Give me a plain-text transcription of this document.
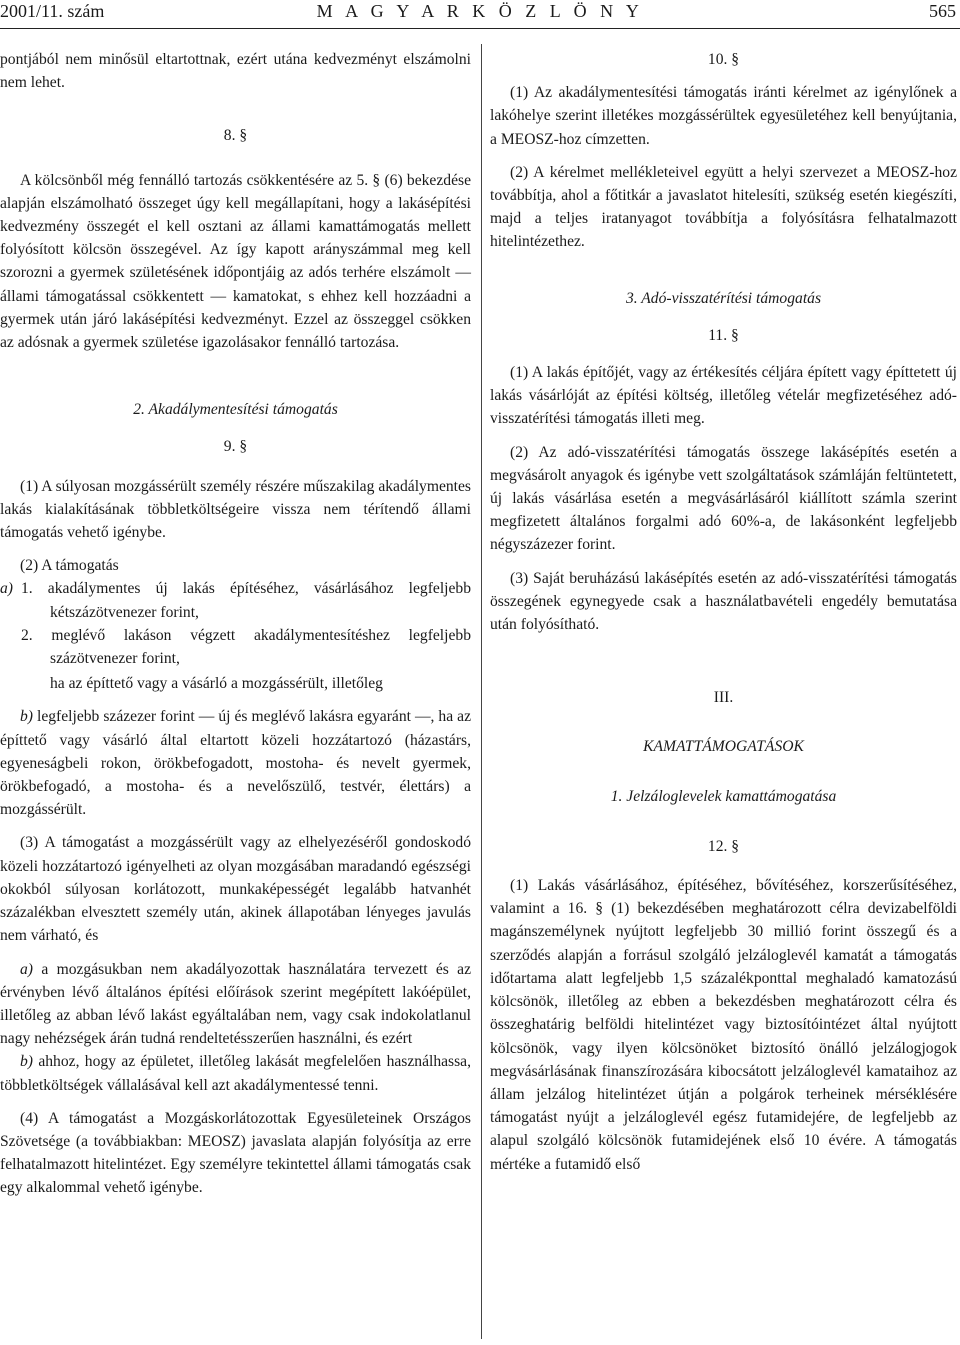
2001/11. szám	M A G Y A R K Ö Z L Ö N Y	565

pontjából nem minősül eltartottnak, ezért utána kedvezményt elszámolni nem lehet.

8. §

A kölcsönből még fennálló tartozás csökkentésére az 5. § (6) bekezdése alapján elszámolható összeget úgy kell megállapítani, hogy a lakásépítési kedvezmény összegét el kell osztani az állami kamattámogatás mellett folyósított kölcsön összegével. Az így kapott arányszámmal meg kell szorozni a gyermek születésének időpontjáig az adós terhére elszámolt — állami támogatással csökkentett — kamatokat, s ehhez kell hozzáadni a gyermek után járó lakásépítési kedvezményt. Ezzel az összeggel csökken az adósnak a gyermek születése igazolásakor fennálló tartozása.

2. Akadálymentesítési támogatás

9. §

(1) A súlyosan mozgássérült személy részére műszakilag akadálymentes lakás kialakításának többletköltségeire vissza nem térítendő állami támogatás vehető igénybe.

(2) A támogatás

a) 1. akadálymentes új lakás építéséhez, vásárlásához legfeljebb kétszázötvenezer forint,

2. meglévő lakáson végzett akadálymentesítéshez legfeljebb százötvenezer forint,

ha az építtető vagy a vásárló a mozgássérült, illetőleg

b) legfeljebb százezer forint — új és meglévő lakásra egyaránt —, ha az építtető vagy vásárló által eltartott közeli hozzátartozó (házastárs, egyeneságbeli rokon, örökbefogadott, mostoha- és nevelt gyermek, örökbefogadó, a mostoha- és a nevelőszülő, testvér, élettárs) a mozgássérült.

(3) A támogatást a mozgássérült vagy az elhelyezéséről gondoskodó közeli hozzátartozó igényelheti az olyan mozgásában maradandó egészségi okokból súlyosan korlátozott, munkaképességét legalább hatvanhét százalékban elvesztett személy után, akinek állapotában lényeges javulás nem várható, és

a) a mozgásukban nem akadályozottak használatára tervezett és az érvényben lévő általános építési előírások szerint megépített lakóépület, illetőleg az abban lévő lakást egyáltalában nem, vagy csak indokolatlanul nagy nehézségek árán tudná rendeltetésszerűen használni, és ezért

b) ahhoz, hogy az épületet, illetőleg lakását megfelelően használhassa, többletköltségek vállalásával kell azt akadálymentessé tenni.

(4) A támogatást a Mozgáskorlátozottak Egyesületeinek Országos Szövetsége (a továbbiakban: MEOSZ) javaslata alapján folyósítja az erre felhatalmazott hitelintézet. Egy személyre tekintettel állami támogatás csak egy alkalommal vehető igénybe.

10. §

(1) Az akadálymentesítési támogatás iránti kérelmet az igénylőnek a lakóhelye szerint illetékes mozgássérültek egyesületéhez kell benyújtania, a MEOSZ-hoz címzetten.

(2) A kérelmet mellékleteivel együtt a helyi szervezet a MEOSZ-hoz továbbítja, ahol a főtitkár a javaslatot hitelesíti, szükség esetén kiegészíti, majd a teljes iratanyagot továbbítja a folyósításra felhatalmazott hitelintézethez.

3. Adó-visszatérítési támogatás

11. §

(1) A lakás építőjét, vagy az értékesítés céljára épített vagy építtetett új lakás vásárlóját az építési költség, illetőleg vételár megfizetéséhez adó-visszatérítési támogatás illeti meg.

(2) Az adó-visszatérítési támogatás összege lakásépítés esetén a megvásárolt anyagok és igénybe vett szolgáltatások számláján feltüntetett, új lakás vásárlása esetén a megvásárlásáról kiállított számla szerint megfizetett általános forgalmi adó 60%-a, de lakásonként legfeljebb négyszázezer forint.

(3) Saját beruházású lakásépítés esetén az adó-visszatérítési támogatás összegének egynegyede csak a használatbavételi engedély bemutatása után folyósítható.

III.

KAMATTÁMOGATÁSOK

1. Jelzáloglevelek kamattámogatása

12. §

(1) Lakás vásárlásához, építéséhez, bővítéséhez, korszerűsítéséhez, valamint a 16. § (1) bekezdésében meghatározott célra devizabelföldi magánszemélynek nyújtott legfeljebb 30 millió forint összegű és a szerződés alapján a forrásul szolgáló jelzáloglevél kamatát a támogatás időtartama alatt legfeljebb 1,5 százalékponttal meghaladó kamatozású kölcsönök, illetőleg az ebben a bekezdésben meghatározott célra és összeghatárig belföldi hitelintézet vagy biztosítóintézet által nyújtott kölcsönök, vagy ilyen kölcsönöket biztosító önálló jelzálogjogok megvásárlásának finanszírozására kibocsátott jelzáloglevél kamataihoz az állam jelzálog hitelintézet útján a polgárok terheinek mérséklésére támogatást nyújt a jelzáloglevél egész futamidejére, de legfeljebb az alapul szolgáló kölcsönök futamidejének első 10 évére. A támogatás mértéke a futamidő első
